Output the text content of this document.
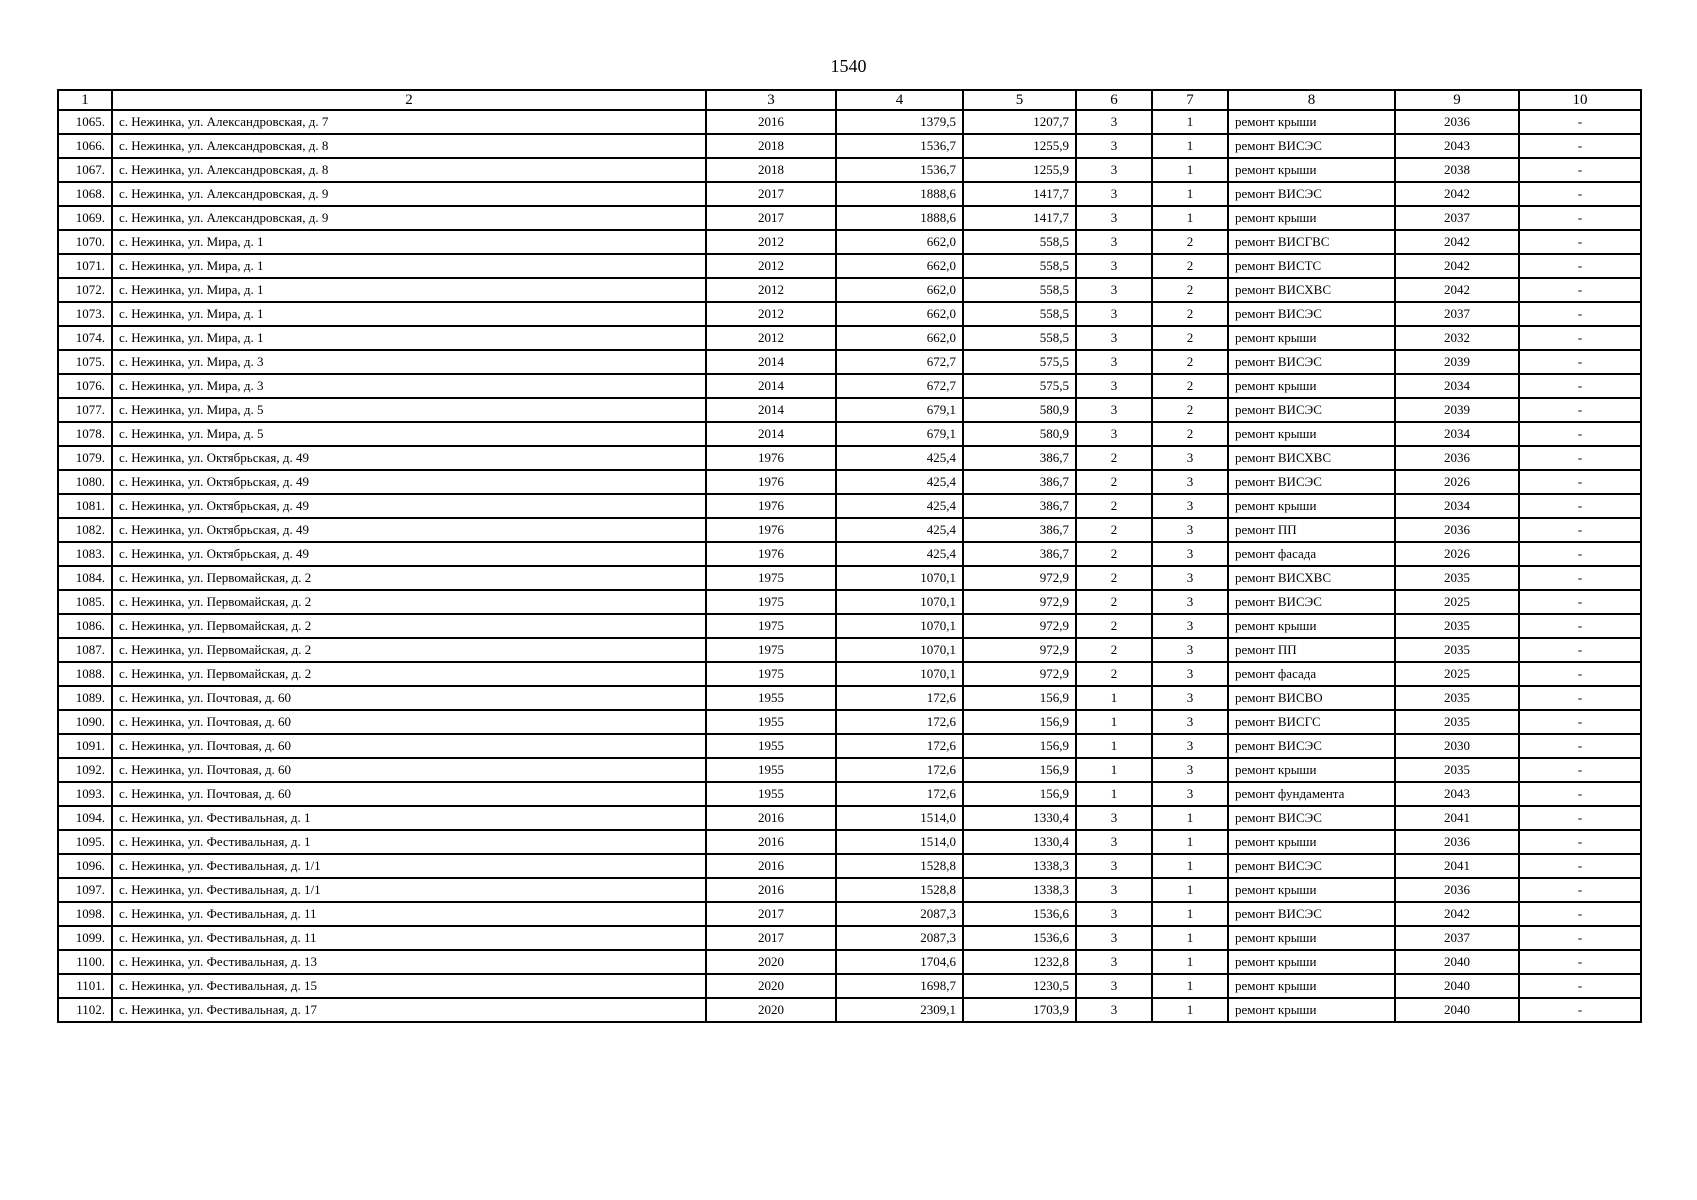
1540
1	2	3	4	5	6	7	8	9	10
1065.	с. Нежинка, ул. Александровская, д. 7	2016	1379,5	1207,7	3	1	ремонт крыши	2036	-
1066.	с. Нежинка, ул. Александровская, д. 8	2018	1536,7	1255,9	3	1	ремонт ВИСЭС	2043	-
1067.	с. Нежинка, ул. Александровская, д. 8	2018	1536,7	1255,9	3	1	ремонт крыши	2038	-
1068.	с. Нежинка, ул. Александровская, д. 9	2017	1888,6	1417,7	3	1	ремонт ВИСЭС	2042	-
1069.	с. Нежинка, ул. Александровская, д. 9	2017	1888,6	1417,7	3	1	ремонт крыши	2037	-
1070.	с. Нежинка, ул. Мира, д. 1	2012	662,0	558,5	3	2	ремонт ВИСГВС	2042	-
1071.	с. Нежинка, ул. Мира, д. 1	2012	662,0	558,5	3	2	ремонт ВИСТС	2042	-
1072.	с. Нежинка, ул. Мира, д. 1	2012	662,0	558,5	3	2	ремонт ВИСХВС	2042	-
1073.	с. Нежинка, ул. Мира, д. 1	2012	662,0	558,5	3	2	ремонт ВИСЭС	2037	-
1074.	с. Нежинка, ул. Мира, д. 1	2012	662,0	558,5	3	2	ремонт крыши	2032	-
1075.	с. Нежинка, ул. Мира, д. 3	2014	672,7	575,5	3	2	ремонт ВИСЭС	2039	-
1076.	с. Нежинка, ул. Мира, д. 3	2014	672,7	575,5	3	2	ремонт крыши	2034	-
1077.	с. Нежинка, ул. Мира, д. 5	2014	679,1	580,9	3	2	ремонт ВИСЭС	2039	-
1078.	с. Нежинка, ул. Мира, д. 5	2014	679,1	580,9	3	2	ремонт крыши	2034	-
1079.	с. Нежинка, ул. Октябрьская, д. 49	1976	425,4	386,7	2	3	ремонт ВИСХВС	2036	-
1080.	с. Нежинка, ул. Октябрьская, д. 49	1976	425,4	386,7	2	3	ремонт ВИСЭС	2026	-
1081.	с. Нежинка, ул. Октябрьская, д. 49	1976	425,4	386,7	2	3	ремонт крыши	2034	-
1082.	с. Нежинка, ул. Октябрьская, д. 49	1976	425,4	386,7	2	3	ремонт ПП	2036	-
1083.	с. Нежинка, ул. Октябрьская, д. 49	1976	425,4	386,7	2	3	ремонт фасада	2026	-
1084.	с. Нежинка, ул. Первомайская, д. 2	1975	1070,1	972,9	2	3	ремонт ВИСХВС	2035	-
1085.	с. Нежинка, ул. Первомайская, д. 2	1975	1070,1	972,9	2	3	ремонт ВИСЭС	2025	-
1086.	с. Нежинка, ул. Первомайская, д. 2	1975	1070,1	972,9	2	3	ремонт крыши	2035	-
1087.	с. Нежинка, ул. Первомайская, д. 2	1975	1070,1	972,9	2	3	ремонт ПП	2035	-
1088.	с. Нежинка, ул. Первомайская, д. 2	1975	1070,1	972,9	2	3	ремонт фасада	2025	-
1089.	с. Нежинка, ул. Почтовая, д. 60	1955	172,6	156,9	1	3	ремонт ВИСВО	2035	-
1090.	с. Нежинка, ул. Почтовая, д. 60	1955	172,6	156,9	1	3	ремонт ВИСГС	2035	-
1091.	с. Нежинка, ул. Почтовая, д. 60	1955	172,6	156,9	1	3	ремонт ВИСЭС	2030	-
1092.	с. Нежинка, ул. Почтовая, д. 60	1955	172,6	156,9	1	3	ремонт крыши	2035	-
1093.	с. Нежинка, ул. Почтовая, д. 60	1955	172,6	156,9	1	3	ремонт фундамента	2043	-
1094.	с. Нежинка, ул. Фестивальная, д. 1	2016	1514,0	1330,4	3	1	ремонт ВИСЭС	2041	-
1095.	с. Нежинка, ул. Фестивальная, д. 1	2016	1514,0	1330,4	3	1	ремонт крыши	2036	-
1096.	с. Нежинка, ул. Фестивальная, д. 1/1	2016	1528,8	1338,3	3	1	ремонт ВИСЭС	2041	-
1097.	с. Нежинка, ул. Фестивальная, д. 1/1	2016	1528,8	1338,3	3	1	ремонт крыши	2036	-
1098.	с. Нежинка, ул. Фестивальная, д. 11	2017	2087,3	1536,6	3	1	ремонт ВИСЭС	2042	-
1099.	с. Нежинка, ул. Фестивальная, д. 11	2017	2087,3	1536,6	3	1	ремонт крыши	2037	-
1100.	с. Нежинка, ул. Фестивальная, д. 13	2020	1704,6	1232,8	3	1	ремонт крыши	2040	-
1101.	с. Нежинка, ул. Фестивальная, д. 15	2020	1698,7	1230,5	3	1	ремонт крыши	2040	-
1102.	с. Нежинка, ул. Фестивальная, д. 17	2020	2309,1	1703,9	3	1	ремонт крыши	2040	-
